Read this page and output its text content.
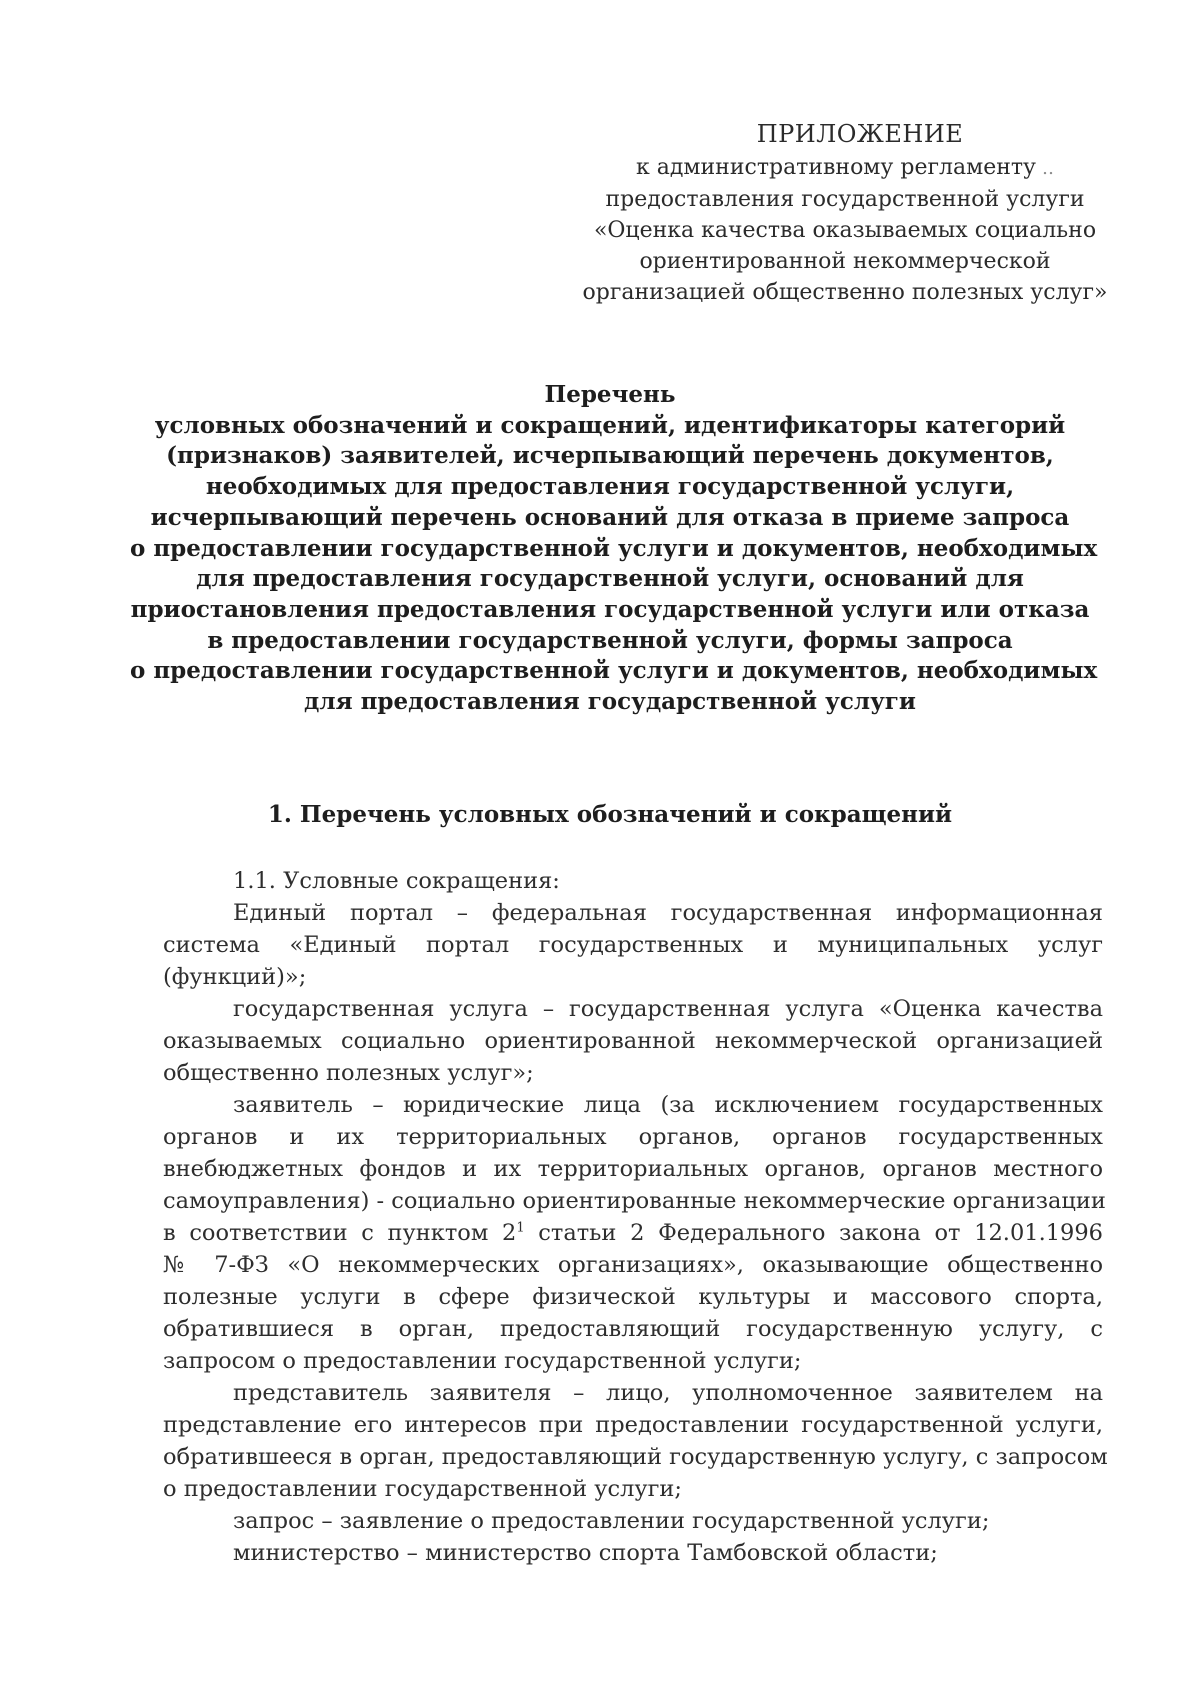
ПРИЛОЖЕНИЕ
к административному регламенту ‥
предоставления государственной услуги
«Оценка качества оказываемых социально
ориентированной некоммерческой
организацией общественно полезных услуг»
Перечень
условных обозначений и сокращений, идентификаторы категорий
(признаков) заявителей, исчерпывающий перечень документов,
необходимых для предоставления государственной услуги,
исчерпывающий перечень оснований для отказа в приеме запроса
о предоставлении государственной услуги и документов, необходимых
для предоставления государственной услуги, оснований для
приостановления предоставления государственной услуги или отказа
в предоставлении государственной услуги, формы запроса
о предоставлении государственной услуги и документов, необходимых
для предоставления государственной услуги
1. Перечень условных обозначений и сокращений

1.1. Условные сокращения:

Единый портал – федеральная государственная информационная
система «Единый портал государственных и муниципальных услуг
(функций)»;

государственная услуга – государственная услуга «Оценка качества
оказываемых социально ориентированной некоммерческой организацией
общественно полезных услуг»;

заявитель – юридические лица (за исключением государственных
органов и их территориальных органов, органов государственных
внебюджетных фондов и их территориальных органов, органов местного
самоуправления) - социально ориентированные некоммерческие организации
в соответствии с пунктом $2^1$ статьи 2 Федерального закона от 12.01.1996
№ 7-ФЗ «О некоммерческих организациях», оказывающие общественно
полезные услуги в сфере физической культуры и массового спорта,
обратившиеся в орган, предоставляющий государственную услугу, с
запросом о предоставлении государственной услуги;

представитель заявителя – лицо, уполномоченное заявителем на
представление его интересов при предоставлении государственной услуги,
обратившееся в орган, предоставляющий государственную услугу, с запросом
о предоставлении государственной услуги;

запрос – заявление о предоставлении государственной услуги;

министерство – министерство спорта Тамбовской области;
